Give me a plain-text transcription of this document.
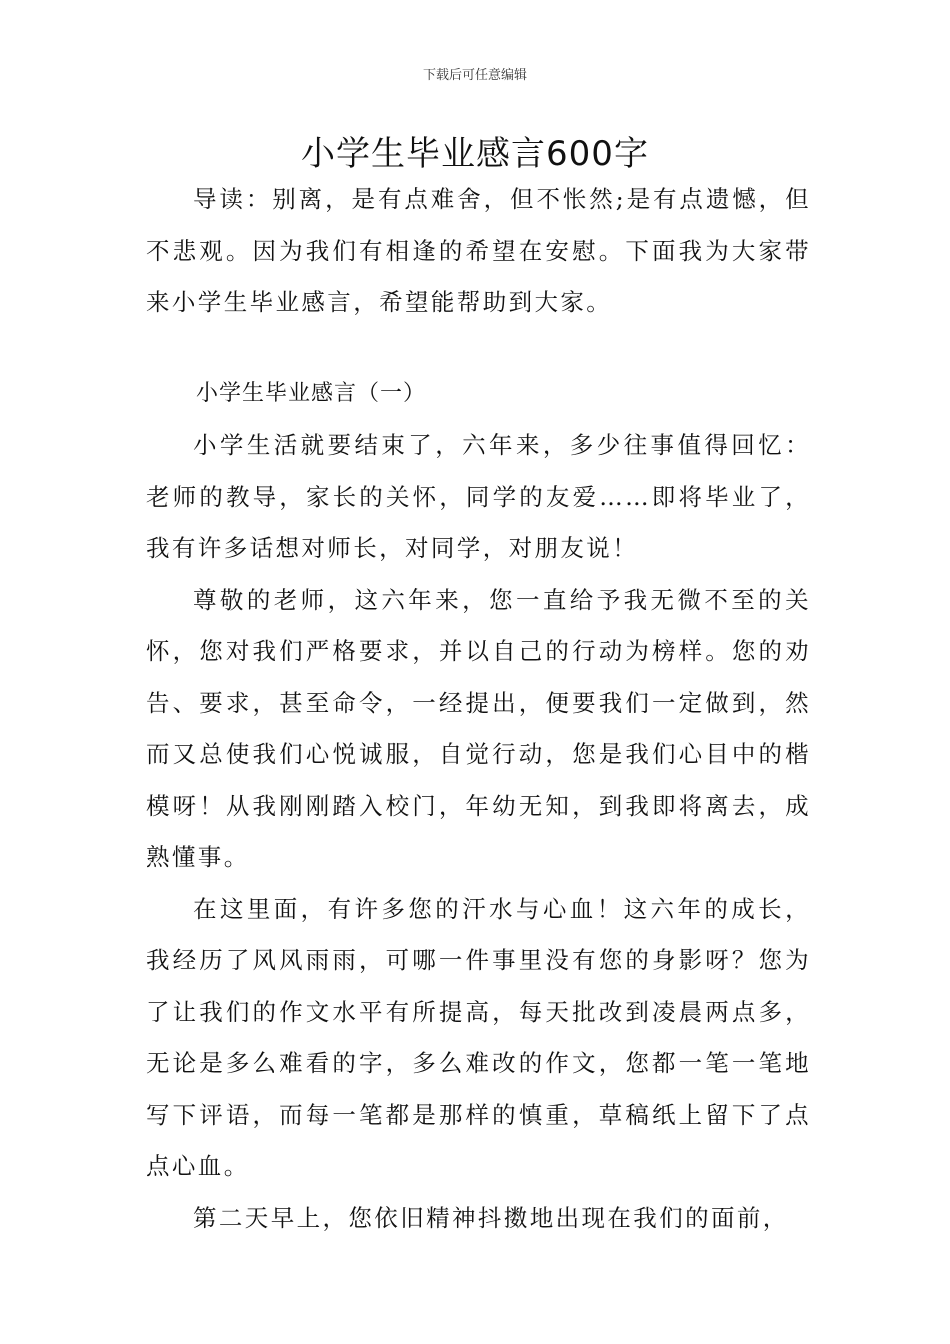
下载后可任意编辑
小学生毕业感言600字

导读：别离，是有点难舍，但不怅然;是有点遗憾，但不悲观。因为我们有相逢的希望在安慰。下面我为大家带来小学生毕业感言，希望能帮助到大家。

小学生毕业感言（一）

小学生活就要结束了，六年来，多少往事值得回忆：老师的教导，家长的关怀，同学的友爱……即将毕业了，我有许多话想对师长，对同学，对朋友说！

尊敬的老师，这六年来，您一直给予我无微不至的关怀，您对我们严格要求，并以自己的行动为榜样。您的劝告、要求，甚至命令，一经提出，便要我们一定做到，然而又总使我们心悦诚服，自觉行动，您是我们心目中的楷模呀！从我刚刚踏入校门，年幼无知，到我即将离去，成熟懂事。

在这里面，有许多您的汗水与心血！这六年的成长，我经历了风风雨雨，可哪一件事里没有您的身影呀？您为了让我们的作文水平有所提高，每天批改到凌晨两点多，无论是多么难看的字，多么难改的作文，您都一笔一笔地写下评语，而每一笔都是那样的慎重，草稿纸上留下了点点心血。

第二天早上，您依旧精神抖擞地出现在我们的面前，
